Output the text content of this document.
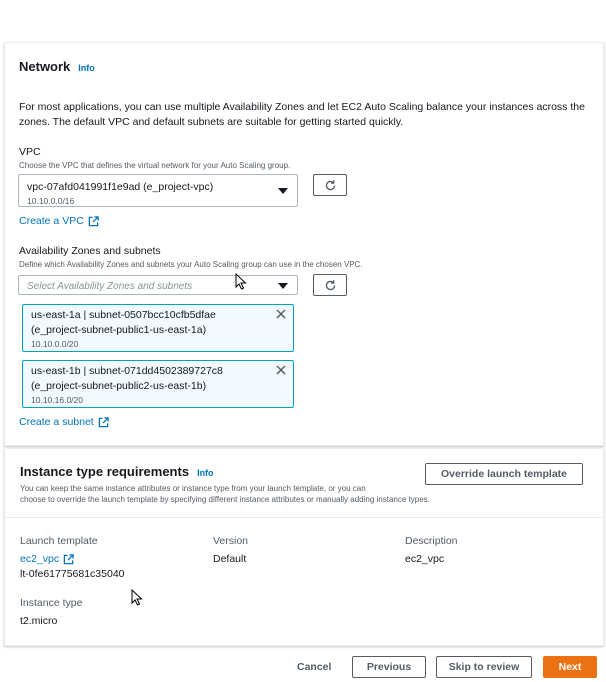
Network Info
For most applications, you can use multiple Availability Zones and let EC2 Auto Scaling balance your instances across the zones. The default VPC and default subnets are suitable for getting started quickly.
VPC
Choose the VPC that defines the virtual network for your Auto Scaling group.
vpc-07afd041991f1e9ad (e_project-vpc)
10.10.0.0/16
Create a VPC
Availability Zones and subnets
Define which Availability Zones and subnets your Auto Scaling group can use in the chosen VPC.
Select Availability Zones and subnets
us-east-1a | subnet-0507bcc10cfb5dfae
(e_project-subnet-public1-us-east-1a)
10.10.0.0/20
us-east-1b | subnet-071dd4502389727c8
(e_project-subnet-public2-us-east-1b)
10.10.16.0/20
Create a subnet
Instance type requirements Info
You can keep the same instance attributes or instance type from your launch template, or you can
choose to override the launch template by specifying different instance attributes or manually adding instance types.
Override launch template
Launch template
ec2_vpc
lt-0fe61775681c35040
Version
Default
Description
ec2_vpc
Instance type
t2.micro
Cancel	Previous	Skip to review	Next
